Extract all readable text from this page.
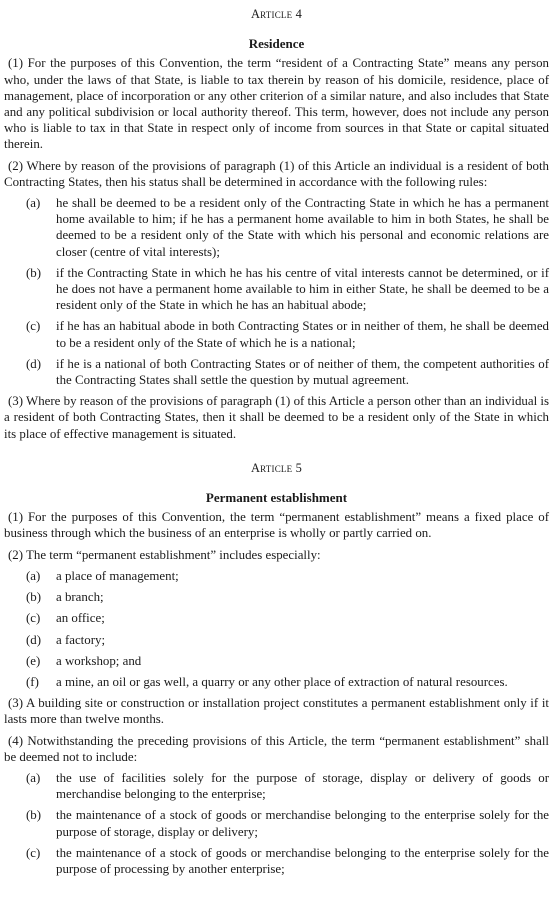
Article 4
Residence

(1) For the purposes of this Convention, the term “resident of a Contracting State” means any person who, under the laws of that State, is liable to tax therein by reason of his domicile, residence, place of management, place of incorporation or any other criterion of a similar nature, and also includes that State and any political subdivision or local authority thereof. This term, however, does not include any person who is liable to tax in that State in respect only of income from sources in that State or capital situated therein.

(2) Where by reason of the provisions of paragraph (1) of this Article an individual is a resident of both Contracting States, then his status shall be determined in accordance with the following rules:

(a)	he shall be deemed to be a resident only of the Contracting State in which he has a permanent home available to him; if he has a permanent home available to him in both States, he shall be deemed to be a resident only of the State with which his personal and economic relations are closer (centre of vital interests);
(b)	if the Contracting State in which he has his centre of vital interests cannot be determined, or if he does not have a permanent home available to him in either State, he shall be deemed to be a resident only of the State in which he has an habitual abode;
(c)	if he has an habitual abode in both Contracting States or in neither of them, he shall be deemed to be a resident only of the State of which he is a national;
(d)	if he is a national of both Contracting States or of neither of them, the competent authorities of the Contracting States shall settle the question by mutual agreement.

(3) Where by reason of the provisions of paragraph (1) of this Article a person other than an individual is a resident of both Contracting States, then it shall be deemed to be a resident only of the State in which its place of effective management is situated.

Article 5
Permanent establishment

(1) For the purposes of this Convention, the term “permanent establishment” means a fixed place of business through which the business of an enterprise is wholly or partly carried on.

(2) The term “permanent establishment” includes especially:

(a)	a place of management;
(b)	a branch;
(c)	an office;
(d)	a factory;
(e)	a workshop; and
(f)	a mine, an oil or gas well, a quarry or any other place of extraction of natural resources.

(3) A building site or construction or installation project constitutes a permanent establishment only if it lasts more than twelve months.

(4) Notwithstanding the preceding provisions of this Article, the term “permanent establishment” shall be deemed not to include:

(a)	the use of facilities solely for the purpose of storage, display or delivery of goods or merchandise belonging to the enterprise;
(b)	the maintenance of a stock of goods or merchandise belonging to the enterprise solely for the purpose of storage, display or delivery;
(c)	the maintenance of a stock of goods or merchandise belonging to the enterprise solely for the purpose of processing by another enterprise;
